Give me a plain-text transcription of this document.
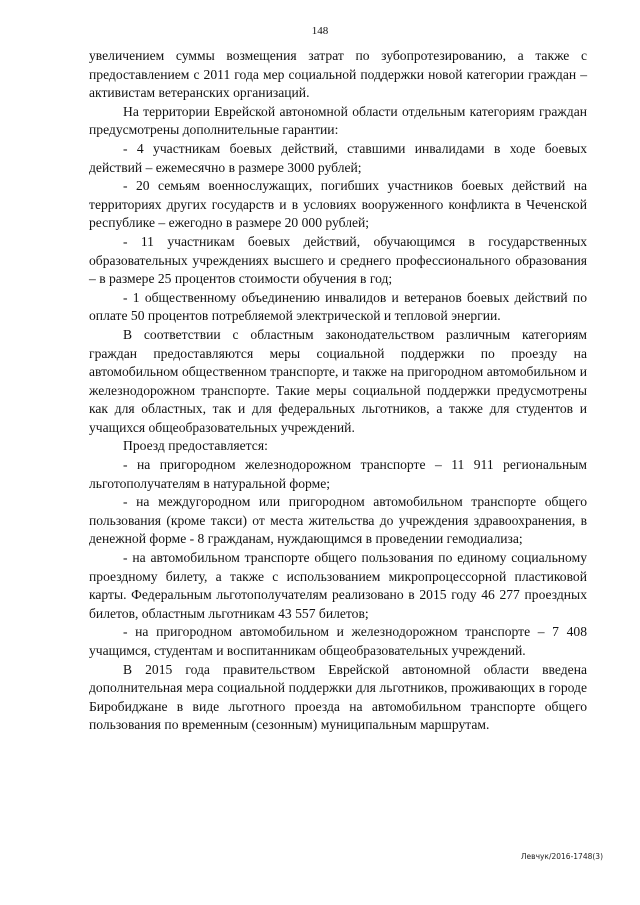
148

увеличением суммы возмещения затрат по зубопротезированию, а также с предоставлением с 2011 года мер социальной поддержки новой категории граждан – активистам ветеранских организаций.

На территории Еврейской автономной области отдельным категориям граждан предусмотрены дополнительные гарантии:

- 4 участникам боевых действий, ставшими инвалидами в ходе боевых действий – ежемесячно в размере 3000 рублей;

- 20 семьям военнослужащих, погибших участников боевых действий на территориях других государств и в условиях вооруженного конфликта в Чеченской республике – ежегодно в размере 20 000 рублей;

- 11 участникам боевых действий, обучающимся в государственных образовательных учреждениях высшего и среднего профессионального образования – в размере 25 процентов стоимости обучения в год;

- 1 общественному объединению инвалидов и ветеранов боевых действий по оплате 50 процентов потребляемой электрической и тепловой энергии.

В соответствии с областным законодательством различным категориям граждан предоставляются меры социальной поддержки по проезду на автомобильном общественном транспорте, и также на пригородном автомобильном и железнодорожном транспорте. Такие меры социальной поддержки предусмотрены как для областных, так и для федеральных льготников, а также для студентов и учащихся общеобразовательных учреждений.

Проезд предоставляется:

- на пригородном железнодорожном транспорте – 11 911 региональным льготополучателям в натуральной форме;

- на междугородном или пригородном автомобильном транспорте общего пользования (кроме такси) от места жительства до учреждения здравоохранения, в денежной форме - 8 гражданам, нуждающимся в проведении гемодиализа;

- на автомобильном транспорте общего пользования по единому социальному проездному билету, а также с использованием микропроцессорной пластиковой карты. Федеральным льготополучателям реализовано в 2015 году 46 277 проездных билетов, областным льготникам 43 557 билетов;

- на пригородном автомобильном и железнодорожном транспорте – 7 408 учащимся, студентам и воспитанникам общеобразовательных учреждений.

В 2015 года правительством Еврейской автономной области введена дополнительная мера социальной поддержки для льготников, проживающих в городе Биробиджане в виде льготного проезда на автомобильном транспорте общего пользования по временным (сезонным) муниципальным маршрутам.

Левчук/2016-1748(3)
